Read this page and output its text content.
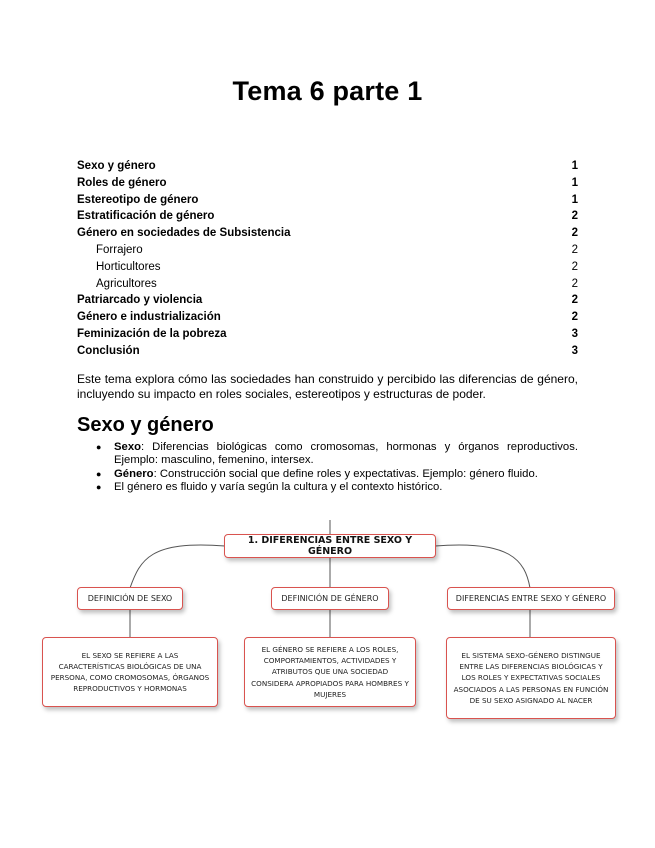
Tema 6 parte 1
Sexo y género	1
Roles de género	1
Estereotipo de género	1
Estratificación de género	2
Género en sociedades de Subsistencia	2
Forrajero	2
Horticultores	2
Agricultores	2
Patriarcado y violencia	2
Género e industrialización	2
Feminización de la pobreza	3
Conclusión	3
Este tema explora cómo las sociedades han construido y percibido las diferencias de género, incluyendo su impacto en roles sociales, estereotipos y estructuras de poder.
Sexo y género
● Sexo: Diferencias biológicas como cromosomas, hormonas y órganos reproductivos. Ejemplo: masculino, femenino, intersex.
● Género: Construcción social que define roles y expectativas. Ejemplo: género fluido.
● El género es fluido y varía según la cultura y el contexto histórico.
1. DIFERENCIAS ENTRE SEXO Y GÉNERO
DEFINICIÓN DE SEXO	DEFINICIÓN DE GÉNERO	DIFERENCIAS ENTRE SEXO Y GÉNERO
EL SEXO SE REFIERE A LAS CARACTERÍSTICAS BIOLÓGICAS DE UNA PERSONA, COMO CROMOSOMAS, ÓRGANOS REPRODUCTIVOS Y HORMONAS
EL GÉNERO SE REFIERE A LOS ROLES, COMPORTAMIENTOS, ACTIVIDADES Y ATRIBUTOS QUE UNA SOCIEDAD CONSIDERA APROPIADOS PARA HOMBRES Y MUJERES
EL SISTEMA SEXO-GÉNERO DISTINGUE ENTRE LAS DIFERENCIAS BIOLÓGICAS Y LOS ROLES Y EXPECTATIVAS SOCIALES ASOCIADOS A LAS PERSONAS EN FUNCIÓN DE SU SEXO ASIGNADO AL NACER
